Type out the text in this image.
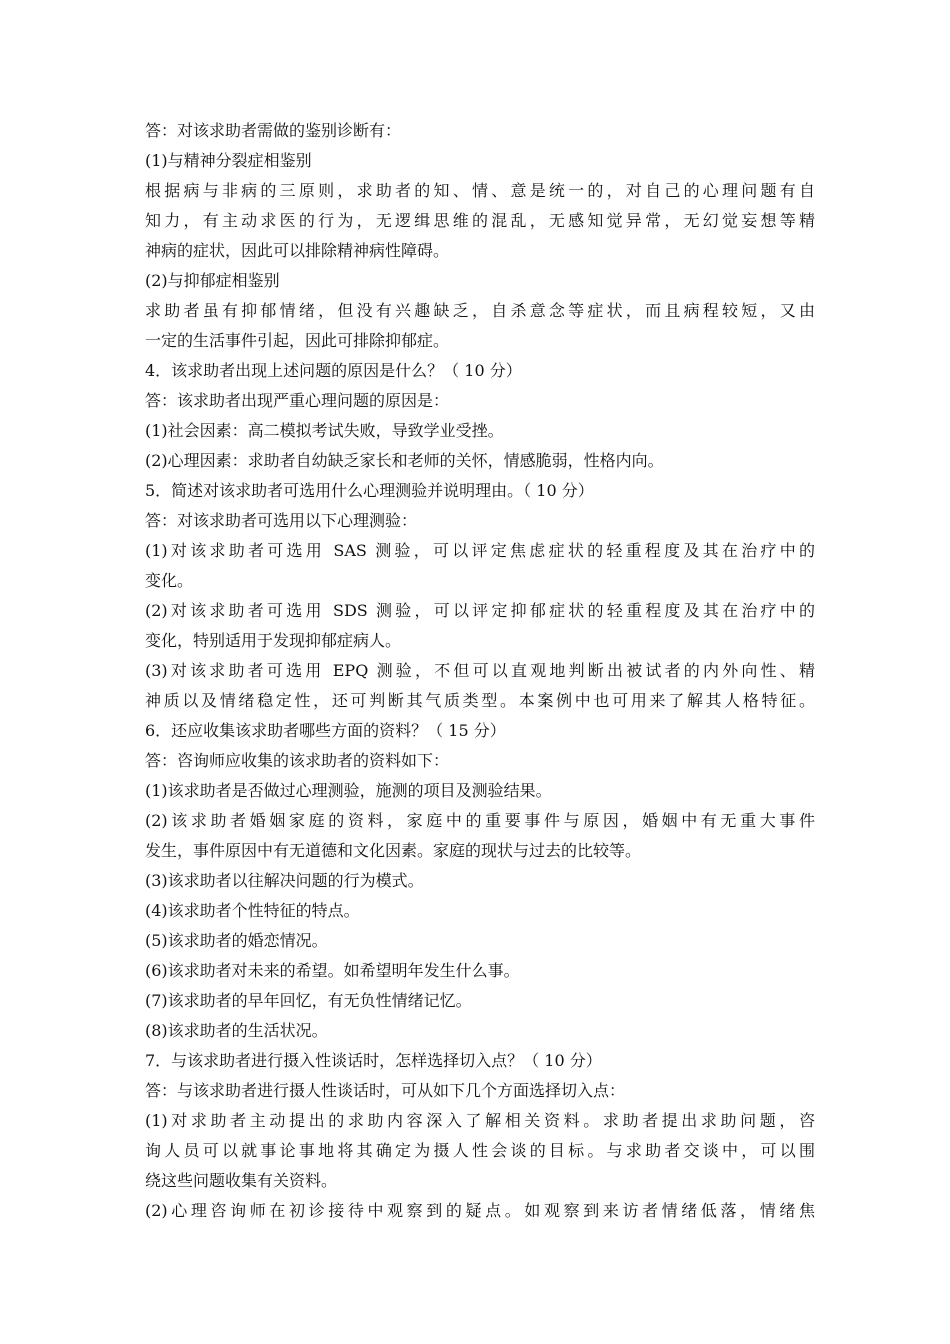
答：对该求助者需做的鉴别诊断有：
(1)与精神分裂症相鉴别
根据病与非病的三原则，求助者的知、情、意是统一的，对自己的心理问题有自
知力，有主动求医的行为，无逻缉思维的混乱，无感知觉异常，无幻觉妄想等精
神病的症状，因此可以排除精神病性障碍。
(2)与抑郁症相鉴别
求助者虽有抑郁情绪，但没有兴趣缺乏，自杀意念等症状，而且病程较短，又由
一定的生活事件引起，因此可排除抑郁症。
4．该求助者出现上述问题的原因是什么？（ 10 分）
答：该求助者出现严重心理问题的原因是：
(1)社会因素：高二模拟考试失败，导致学业受挫。
(2)心理因素：求助者自幼缺乏家长和老师的关怀，情感脆弱，性格内向。
5．简述对该求助者可选用什么心理测验并说明理由。（ 10 分）
答：对该求助者可选用以下心理测验：
(1)对该求助者可选用 SAS 测验，可以评定焦虑症状的轻重程度及其在治疗中的
变化。
(2)对该求助者可选用 SDS 测验，可以评定抑郁症状的轻重程度及其在治疗中的
变化，特别适用于发现抑郁症病人。
(3)对该求助者可选用 EPQ 测验，不但可以直观地判断出被试者的内外向性、精
神质以及情绪稳定性，还可判断其气质类型。本案例中也可用来了解其人格特征。
6．还应收集该求助者哪些方面的资料？（ 15 分）
答：咨询师应收集的该求助者的资料如下：
(1)该求助者是否做过心理测验，施测的项目及测验结果。
(2)该求助者婚姻家庭的资料，家庭中的重要事件与原因，婚姻中有无重大事件
发生，事件原因中有无道德和文化因素。家庭的现状与过去的比较等。
(3)该求助者以往解决问题的行为模式。
(4)该求助者个性特征的特点。
(5)该求助者的婚恋情况。
(6)该求助者对未来的希望。如希望明年发生什么事。
(7)该求助者的早年回忆，有无负性情绪记忆。
(8)该求助者的生活状况。
7．与该求助者进行摄入性谈话时，怎样选择切入点？（ 10 分）
答：与该求助者进行摄人性谈话时，可从如下几个方面选择切入点：
(1)对求助者主动提出的求助内容深入了解相关资料。求助者提出求助问题，咨
询人员可以就事论事地将其确定为摄人性会谈的目标。与求助者交谈中，可以围
绕这些问题收集有关资料。
(2)心理咨询师在初诊接待中观察到的疑点。如观察到来访者情绪低落，情绪焦
